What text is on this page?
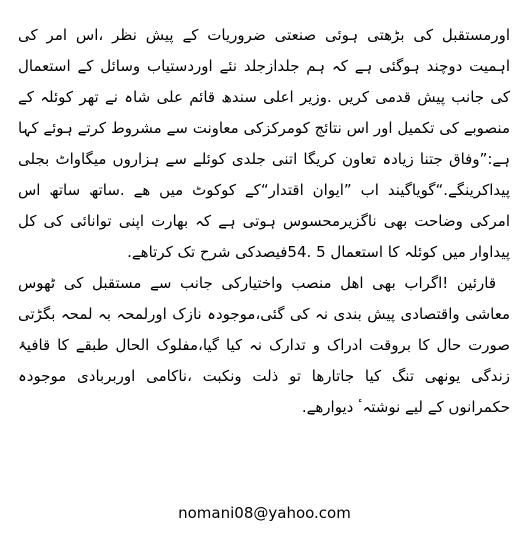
اورمستقبل کی بڑھتی ہوئی صنعتی ضروریات کے پیش نظر ،اس امر کی
اہمیت دوچند ہوگئی ہے کہ ہم جلدازجلد نئے اوردستیاب وسائل کے استعمال
کی جانب پیش قدمی کریں .وزیر اعلی سندھ قائم علی شاہ نے تھر کوئلہ کے
منصوبے کی تکمیل اور اس نتائج کومرکزکی معاونت سے مشروط کرتے ہوئے کہا
ہے:”وفاق جتنا زیادہ تعاون کریگا اتنی جلدی کوئلے سے ہزاروں میگاواٹ بجلی
پیداکرینگے.“گویاگیند اب ”ایوان اقتدار“کے کوکوٹ میں ھے .ساتھ ساتھ اس
امرکی وضاحت بھی ناگزیرمحسوس ہوتی ہے کہ بھارت اپنی توانائی کی کل
پیداوار میں کوئلہ کا استعمال 5 .54فیصدکی شرح تک کرتاھے.
قارئین !اگراب بھی اھل منصب واختیارکی جانب سے مستقبل کی ٹھوس
معاشی واقتصادی پیش بندی نہ کی گئی،موجودہ نازک اورلمحہ بہ لمحہ بگڑتی
صورت حال کا بروقت ادراک و تدارک نہ کیا گیا،مفلوک الحال طبقے کا قافیۂ
زندگی یونھی تنگ کیا جاتارھا تو ذلت ونکبت ،ناکامی اوربربادی موجودہ
حکمرانوں کے لیے نوشتہٴ دیوارھے.
nomani08@yahoo.com
